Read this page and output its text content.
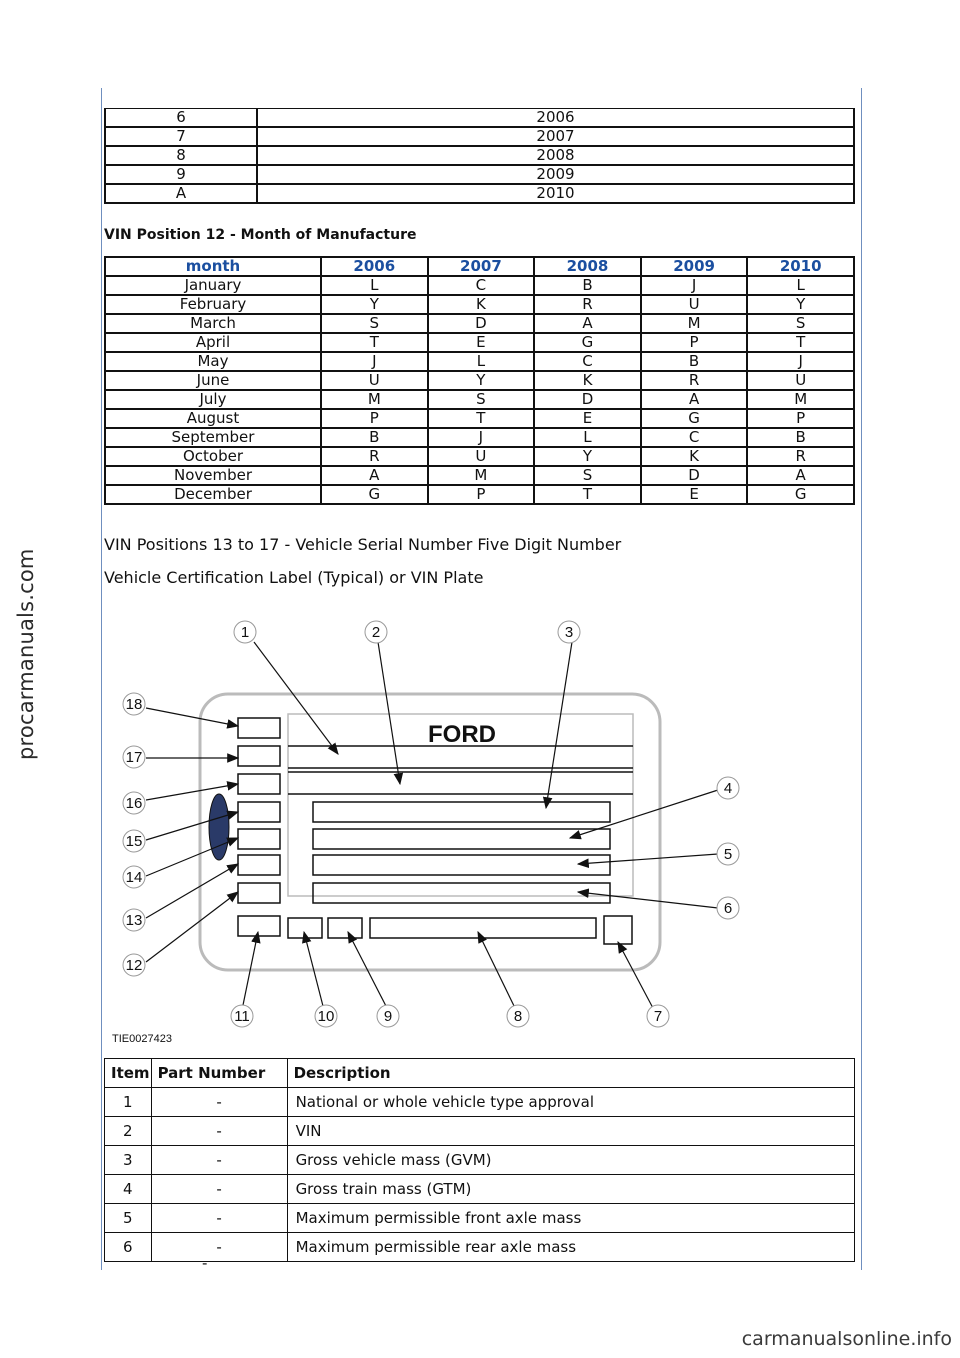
procarmanuals.com
carmanualsonline.info
6	2006
7	2007
8	2008
9	2009
A	2010
VIN Position 12 - Month of Manufacture
month	2006	2007	2008	2009	2010
January	L	C	B	J	L
February	Y	K	R	U	Y
March	S	D	A	M	S
April	T	E	G	P	T
May	J	L	C	B	J
June	U	Y	K	R	U
July	M	S	D	A	M
August	P	T	E	G	P
September	B	J	L	C	B
October	R	U	Y	K	R
November	A	M	S	D	A
December	G	P	T	E	G
VIN Positions 13 to 17 - Vehicle Serial Number Five Digit Number
Vehicle Certification Label (Typical) or VIN Plate
FORD
1	2	3
4
5
6
7
8
9
10
11
12
13
14
15
16
17
18
TIE0027423
Item	Part Number	Description
1	-	National or whole vehicle type approval
2	-	VIN
3	-	Gross vehicle mass (GVM)
4	-	Gross train mass (GTM)
5	-	Maximum permissible front axle mass
6	-	Maximum permissible rear axle mass
-
